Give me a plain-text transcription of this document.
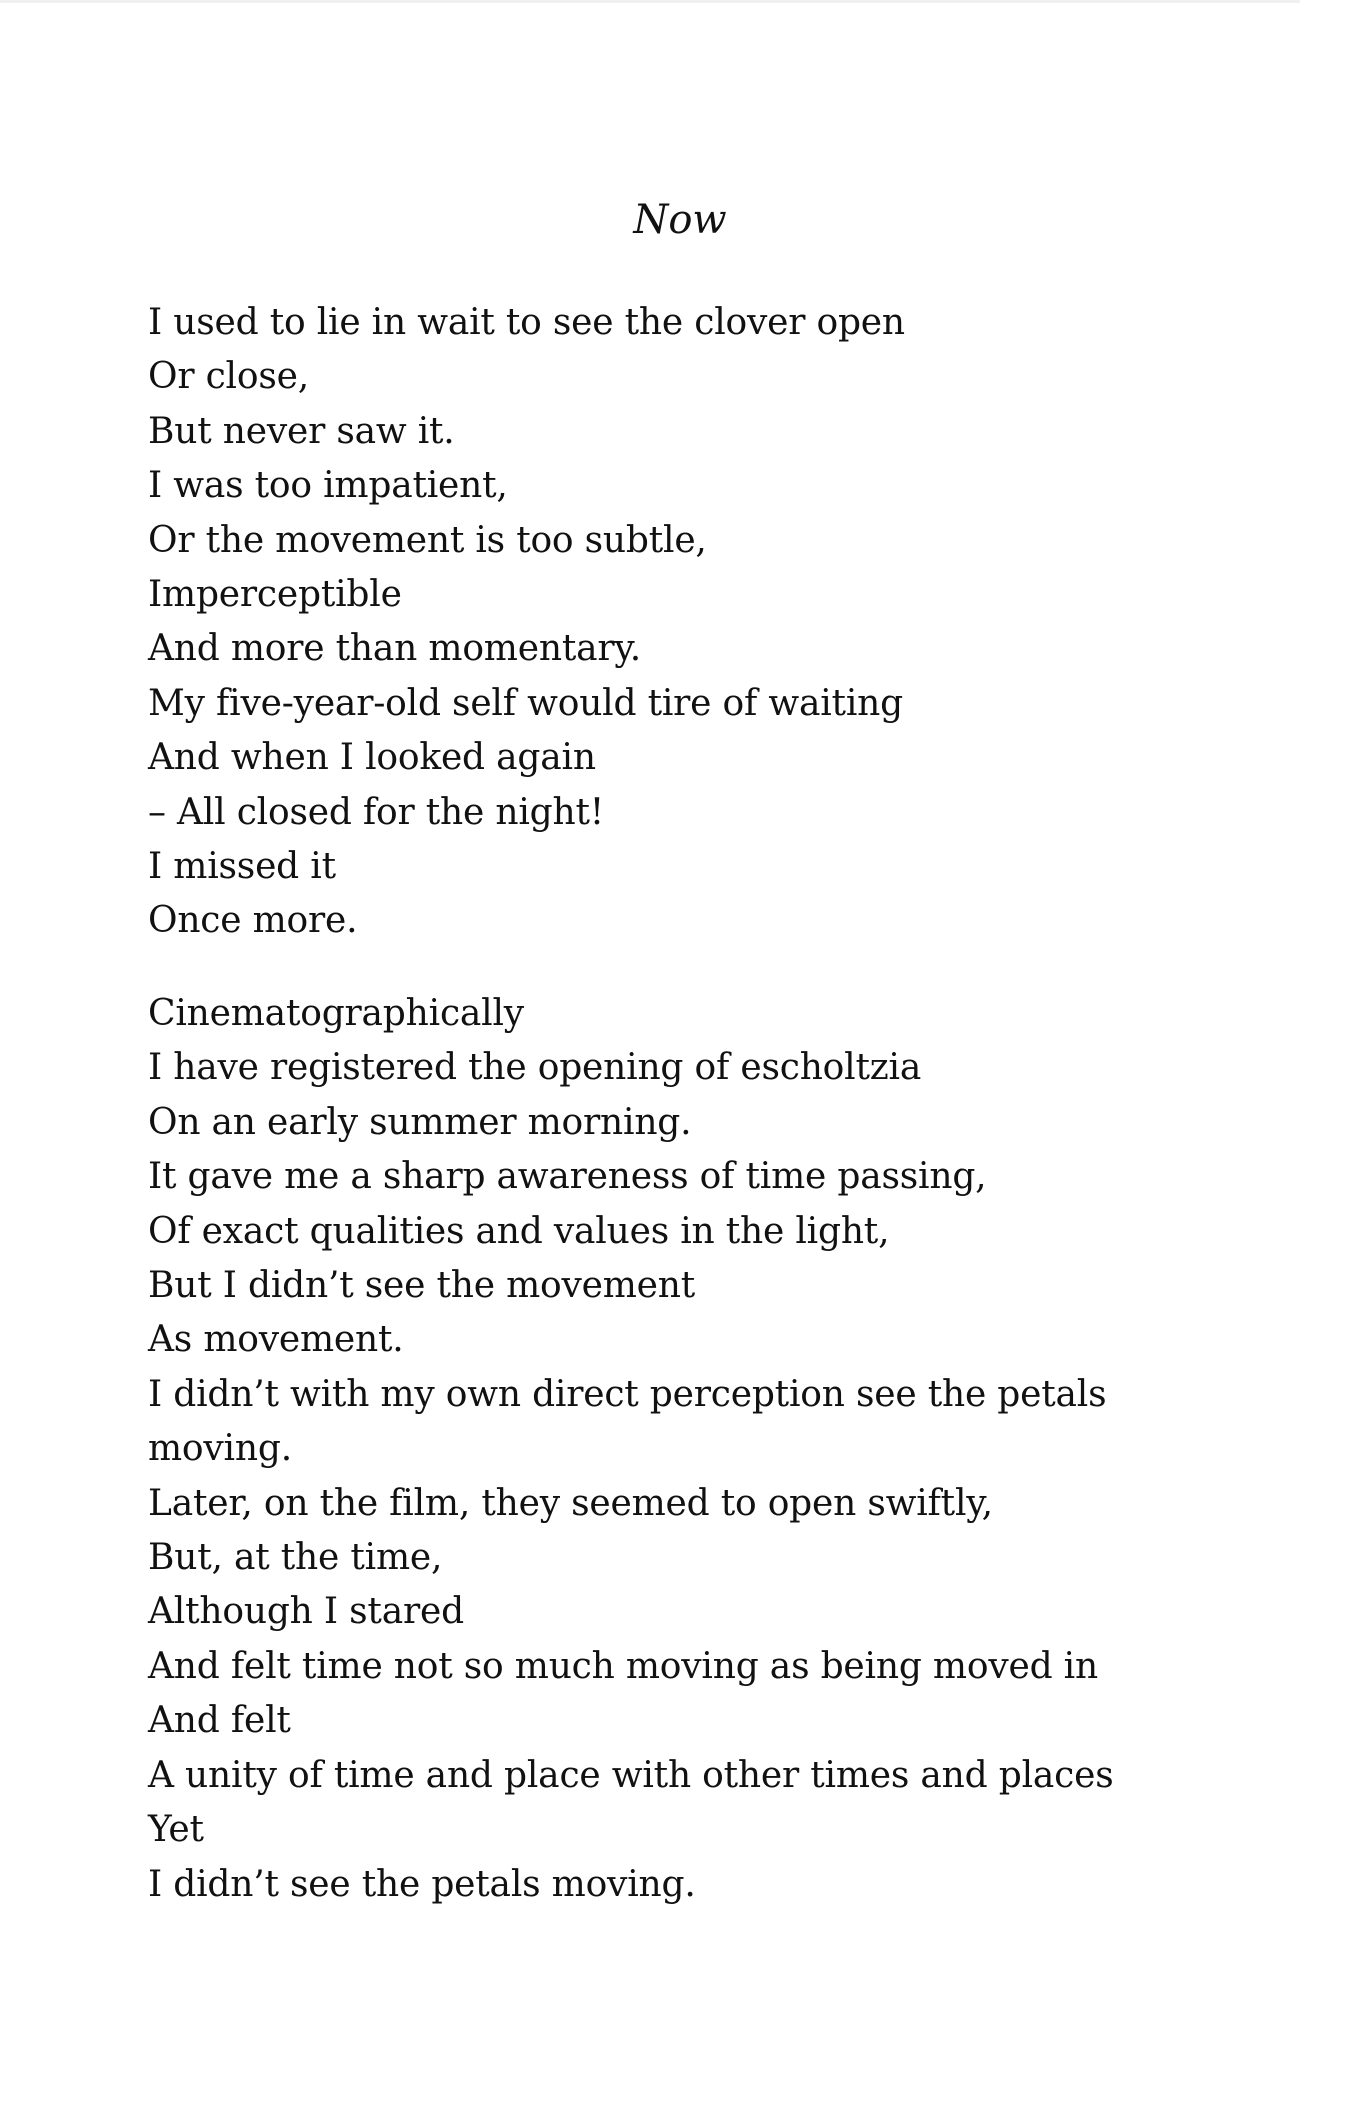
Now
I used to lie in wait to see the clover open
Or close,
But never saw it.
I was too impatient,
Or the movement is too subtle,
Imperceptible
And more than momentary.
My five-year-old self would tire of waiting
And when I looked again
– All closed for the night!
I missed it
Once more.
Cinematographically
I have registered the opening of escholtzia
On an early summer morning.
It gave me a sharp awareness of time passing,
Of exact qualities and values in the light,
But I didn’t see the movement
As movement.
I didn’t with my own direct perception see the petals
moving.
Later, on the film, they seemed to open swiftly,
But, at the time,
Although I stared
And felt time not so much moving as being moved in
And felt
A unity of time and place with other times and places
Yet
I didn’t see the petals moving.
